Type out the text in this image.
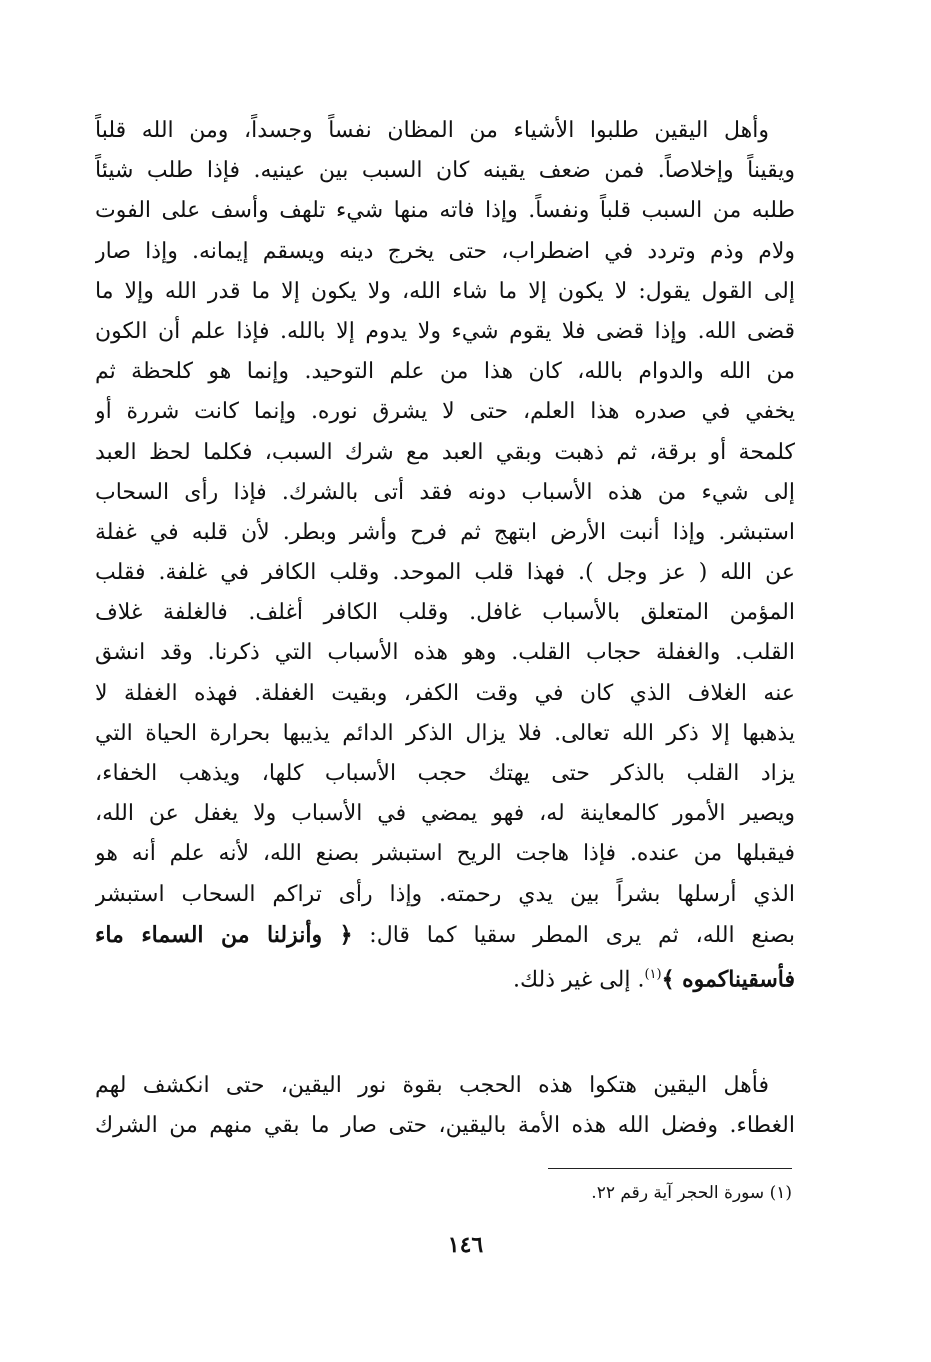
وأهل اليقين طلبوا الأشياء من المظان نفساً وجسداً، ومن الله قلباً
ويقيناً وإخلاصاً. فمن ضعف يقينه كان السبب بين عينيه. فإذا طلب شيئاً
طلبه من السبب قلباً ونفساً. وإذا فاته منها شيء تلهف وأسف على الفوت
ولام وذم وتردد في اضطراب، حتى يخرج دينه ويسقم إيمانه. وإذا صار
إلى القول يقول: لا يكون إلا ما شاء الله، ولا يكون إلا ما قدر الله وإلا ما
قضى الله. وإذا قضى فلا يقوم شيء ولا يدوم إلا بالله. فإذا علم أن الكون
من الله والدوام بالله، كان هذا من علم التوحيد. وإنما هو كلحظة ثم
يخفي في صدره هذا العلم، حتى لا يشرق نوره. وإنما كانت شررة أو
كلمحة أو برقة، ثم ذهبت وبقي العبد مع شرك السبب، فكلما لحظ العبد
إلى شيء من هذه الأسباب دونه فقد أتى بالشرك. فإذا رأى السحاب
استبشر. وإذا أنبت الأرض ابتهج ثم فرح وأشر وبطر. لأن قلبه في غفلة
عن الله ( عز وجل ). فهذا قلب الموحد. وقلب الكافر في غلفة. فقلب
المؤمن المتعلق بالأسباب غافل. وقلب الكافر أغلف. فالغلفة غلاف
القلب. والغفلة حجاب القلب. وهو هذه الأسباب التي ذكرنا. وقد انشق
عنه الغلاف الذي كان في وقت الكفر، وبقيت الغفلة. فهذه الغفلة لا
يذهبها إلا ذكر الله تعالى. فلا يزال الذكر الدائم يذيبها بحرارة الحياة التي
يزاد القلب بالذكر حتى يهتك حجب الأسباب كلها، ويذهب الخفاء،
ويصير الأمور كالمعاينة له، فهو يمضي في الأسباب ولا يغفل عن الله،
فيقبلها من عنده. فإذا هاجت الريح استبشر بصنع الله، لأنه علم أنه هو
الذي أرسلها بشراً بين يدي رحمته. وإذا رأى تراكم السحاب استبشر
بصنع الله، ثم يرى المطر سقيا كما قال: ﴿ وأنزلنا من السماء ماء
فأسقيناكموه ﴾$^{(١)}$. إلى غير ذلك.
فأهل اليقين هتكوا هذه الحجب بقوة نور اليقين، حتى انكشف لهم
الغطاء. وفضل الله هذه الأمة باليقين، حتى صار ما بقي منهم من الشرك
(١) سورة الحجر آية رقم ٢٢.
١٤٦
